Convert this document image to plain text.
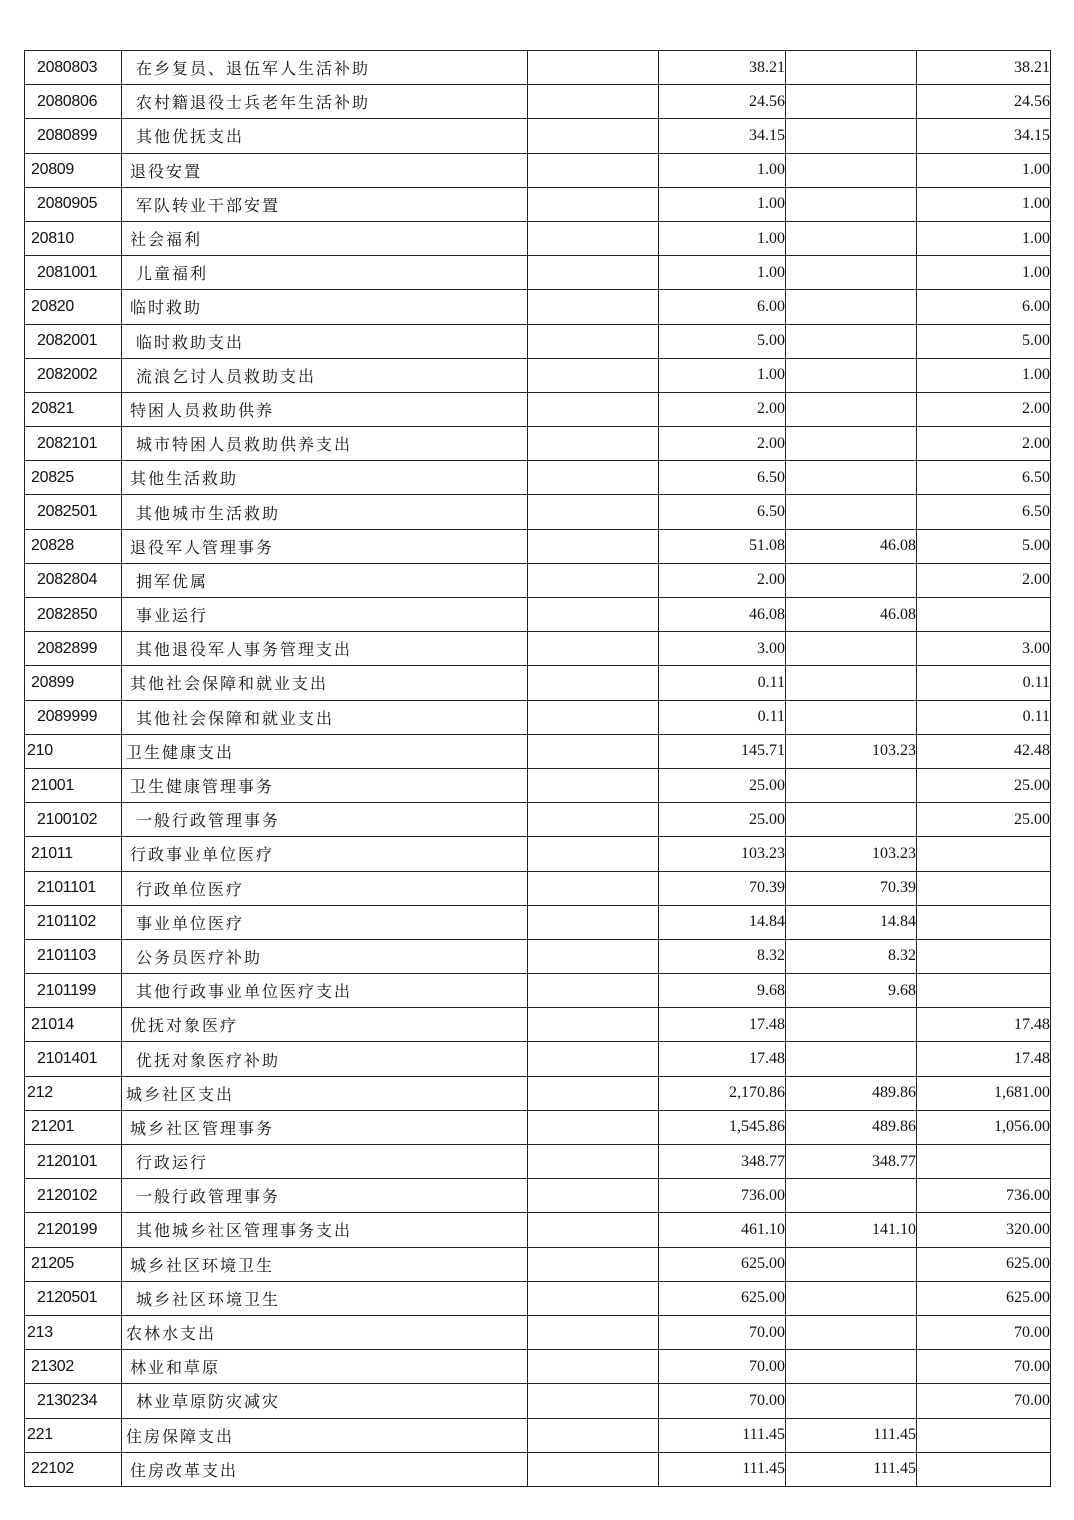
2080803	在乡复员、退伍军人生活补助		38.21		38.21
2080806	农村籍退役士兵老年生活补助		24.56		24.56
2080899	其他优抚支出		34.15		34.15
20809	退役安置		1.00		1.00
2080905	军队转业干部安置		1.00		1.00
20810	社会福利		1.00		1.00
2081001	儿童福利		1.00		1.00
20820	临时救助		6.00		6.00
2082001	临时救助支出		5.00		5.00
2082002	流浪乞讨人员救助支出		1.00		1.00
20821	特困人员救助供养		2.00		2.00
2082101	城市特困人员救助供养支出		2.00		2.00
20825	其他生活救助		6.50		6.50
2082501	其他城市生活救助		6.50		6.50
20828	退役军人管理事务		51.08	46.08	5.00
2082804	拥军优属		2.00		2.00
2082850	事业运行		46.08	46.08	
2082899	其他退役军人事务管理支出		3.00		3.00
20899	其他社会保障和就业支出		0.11		0.11
2089999	其他社会保障和就业支出		0.11		0.11
210	卫生健康支出		145.71	103.23	42.48
21001	卫生健康管理事务		25.00		25.00
2100102	一般行政管理事务		25.00		25.00
21011	行政事业单位医疗		103.23	103.23	
2101101	行政单位医疗		70.39	70.39	
2101102	事业单位医疗		14.84	14.84	
2101103	公务员医疗补助		8.32	8.32	
2101199	其他行政事业单位医疗支出		9.68	9.68	
21014	优抚对象医疗		17.48		17.48
2101401	优抚对象医疗补助		17.48		17.48
212	城乡社区支出		2,170.86	489.86	1,681.00
21201	城乡社区管理事务		1,545.86	489.86	1,056.00
2120101	行政运行		348.77	348.77	
2120102	一般行政管理事务		736.00		736.00
2120199	其他城乡社区管理事务支出		461.10	141.10	320.00
21205	城乡社区环境卫生		625.00		625.00
2120501	城乡社区环境卫生		625.00		625.00
213	农林水支出		70.00		70.00
21302	林业和草原		70.00		70.00
2130234	林业草原防灾减灾		70.00		70.00
221	住房保障支出		111.45	111.45	
22102	住房改革支出		111.45	111.45	
